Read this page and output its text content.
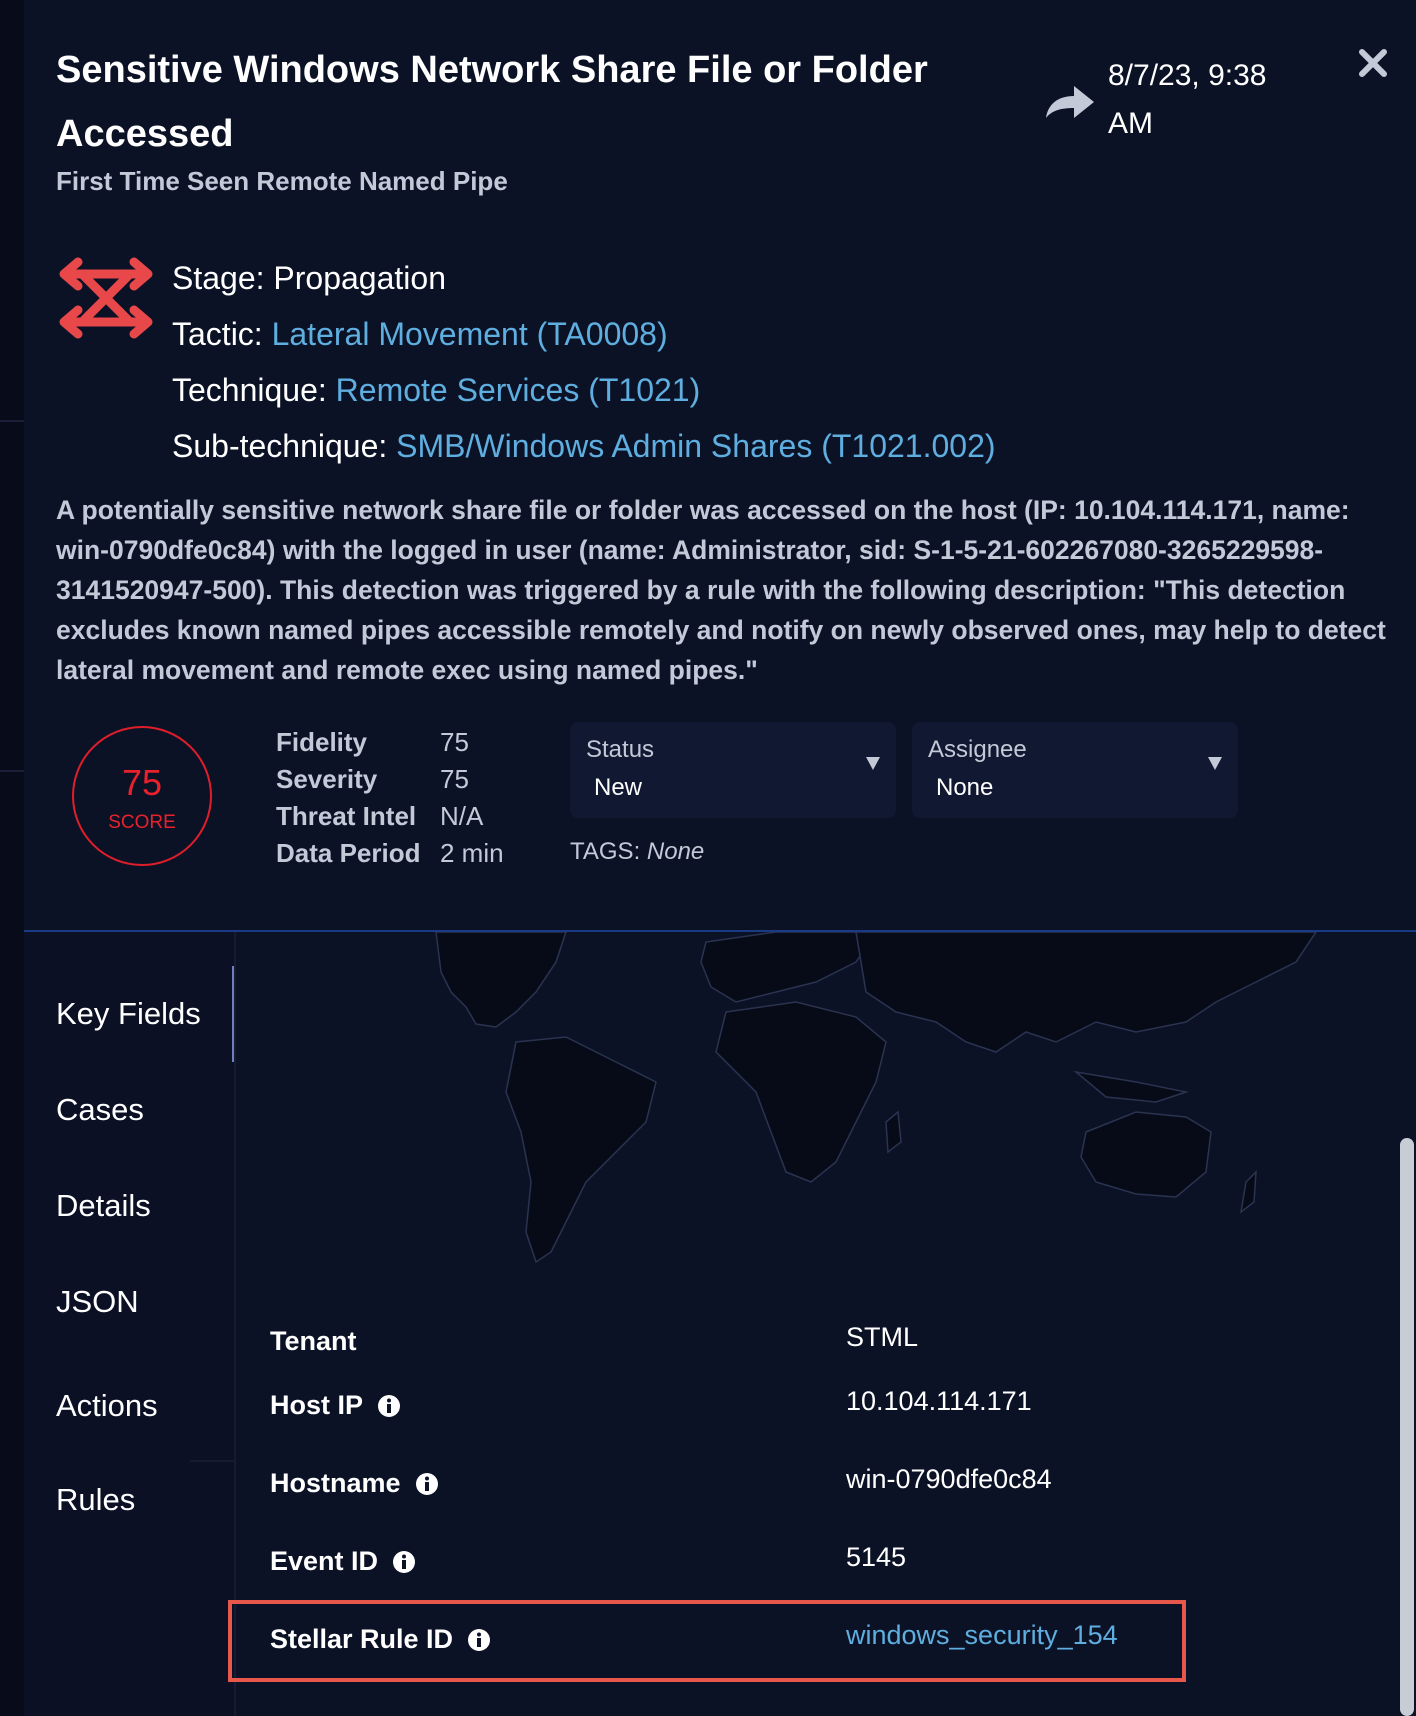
Sensitive Windows Network Share File or Folder Accessed
First Time Seen Remote Named Pipe
8/7/23, 9:38 AM
Stage: Propagation
Tactic: Lateral Movement (TA0008)
Technique: Remote Services (T1021)
Sub-technique: SMB/Windows Admin Shares (T1021.002)
A potentially sensitive network share file or folder was accessed on the host (IP: 10.104.114.171, name: win-0790dfe0c84) with the logged in user (name: Administrator, sid: S-1-5-21-602267080-3265229598-3141520947-500). This detection was triggered by a rule with the following description: "This detection excludes known named pipes accessible remotely and notify on newly observed ones, may help to detect lateral movement and remote exec using named pipes."
75
SCORE
Fidelity	75
Severity 75
Threat Intel N/A
Data Period 2 min
Status
New
Assignee
None
TAGS: None
Key Fields
Cases
Details
JSON
Actions
Rules
Tenant	STML
Host IP	10.104.114.171
Hostname	win-0790dfe0c84
Event ID	5145
Stellar Rule ID	windows_security_154
